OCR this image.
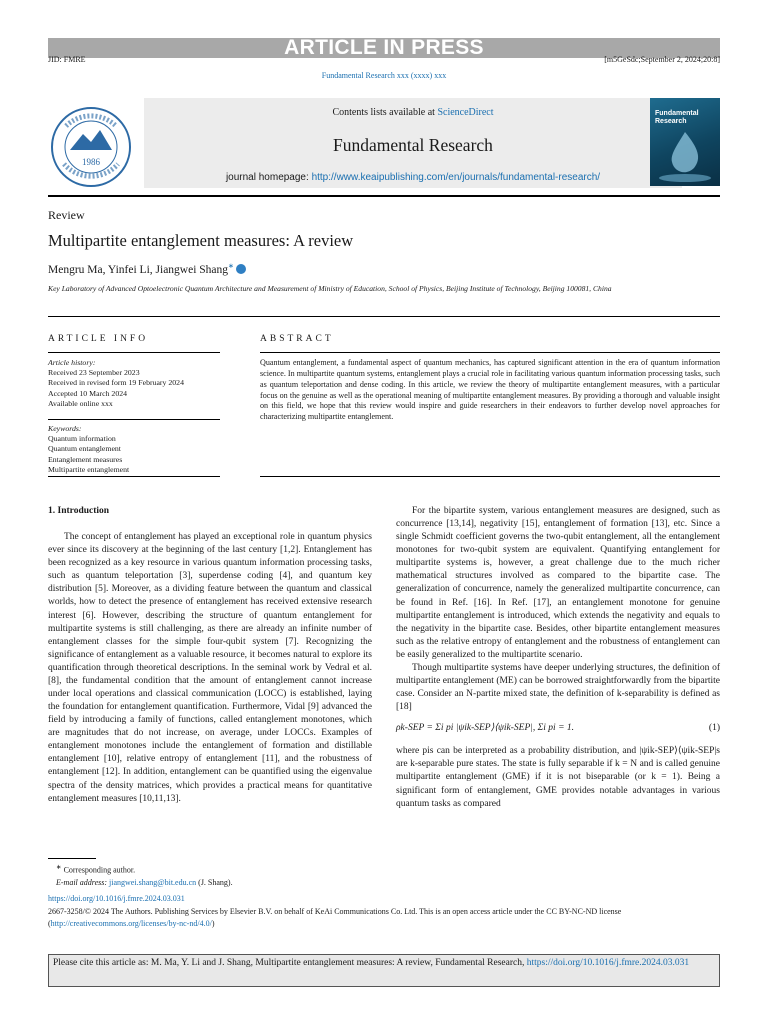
ARTICLE IN PRESS
JID: FMRE	[m5GeSdc;September 2, 2024;20:8]
Fundamental Research xxx (xxxx) xxx
1986
Contents lists available at ScienceDirect
Fundamental Research
journal homepage: http://www.keaipublishing.com/en/journals/fundamental-research/
Fundamental
Research
Review
Multipartite entanglement measures: A review
Mengru Ma, Yinfei Li, Jiangwei Shang∗
Key Laboratory of Advanced Optoelectronic Quantum Architecture and Measurement of Ministry of Education, School of Physics, Beijing Institute of Technology, Beijing 100081, China
ARTICLE INFO
Article history:
Received 23 September 2023
Received in revised form 19 February 2024
Accepted 10 March 2024
Available online xxx
Keywords:
Quantum information
Quantum entanglement
Entanglement measures
Multipartite entanglement
ABSTRACT
Quantum entanglement, a fundamental aspect of quantum mechanics, has captured significant attention in the era of quantum information science. In multipartite quantum systems, entanglement plays a crucial role in facilitating various quantum information processing tasks, such as quantum teleportation and dense coding. In this article, we review the theory of multipartite entanglement measures, with a particular focus on the genuine as well as the operational meaning of multipartite entanglement measures. By providing a thorough and valuable insight on this field, we hope that this review would inspire and guide researchers in their endeavors to further develop novel approaches for characterizing multipartite entanglement.
1. Introduction

The concept of entanglement has played an exceptional role in quantum physics ever since its discovery at the beginning of the last century [1,2]. Entanglement has been recognized as a key resource in various quantum information processing tasks, such as quantum teleportation [3], superdense coding [4], and quantum key distribution [5]. Moreover, as a dividing feature between the quantum and classical worlds, how to detect the presence of entanglement has received extensive research interest [6]. However, describing the structure of quantum entanglement for multipartite systems is still challenging, as there are already an infinite number of entanglement classes for the simple four-qubit system [7]. Recognizing the significance of entanglement as a valuable resource, it becomes natural to explore its quantification through theoretical descriptions. In the seminal work by Vedral et al. [8], the fundamental condition that the amount of entanglement cannot increase under local operations and classical communication (LOCC) is established, laying the foundation for entanglement quantification. Furthermore, Vidal [9] advanced the field by introducing a family of functions, called entanglement monotones, which are magnitudes that do not increase, on average, under LOCCs. Examples of entanglement monotones include the entanglement of formation and distillable entanglement [10], relative entropy of entanglement [11], and the robustness of entanglement [12]. In addition, entanglement can be quantified using the eigenvalue spectra of the density matrices, which provides a practical means for quantitative entanglement measures [10,11,13].

For the bipartite system, various entanglement measures are designed, such as concurrence [13,14], negativity [15], entanglement of formation [13], etc. Since a single Schmidt coefficient governs the two-qubit entanglement, all the entanglement monotones for two-qubit system are equivalent. Quantifying entanglement for multipartite systems is, however, a great challenge due to the much richer mathematical structures involved as compared to the bipartite case. The generalization of concurrence, namely the generalized multipartite concurrence, can be found in Ref. [16]. In Ref. [17], an entanglement monotone for genuine multipartite entanglement is introduced, which extends the negativity and equals to the negativity in the bipartite case. Besides, other bipartite entanglement measures such as the relative entropy of entanglement and the robustness of entanglement can be easily generalized to the multipartite scenario.

Though multipartite systems have deeper underlying structures, the definition of multipartite entanglement (ME) can be borrowed straightforwardly from the bipartite case. Consider an N-partite mixed state, the definition of k-separability is defined as [18]

ρk-SEP = Σi pi |ψik-SEP⟩⟨ψik-SEP|, Σi pi = 1.	(1)

where pis can be interpreted as a probability distribution, and |ψik-SEP⟩⟨ψik-SEP|s are k-separable pure states. The state is fully separable if k = N and is called genuine multipartite entanglement (GME) if it is not biseparable (or k = 1). Being a significant form of entanglement, GME provides notable advantages in various quantum tasks as compared

∗ Corresponding author.
E-mail address: jiangwei.shang@bit.edu.cn (J. Shang).
https://doi.org/10.1016/j.fmre.2024.03.031
2667-3258/© 2024 The Authors. Publishing Services by Elsevier B.V. on behalf of KeAi Communications Co. Ltd. This is an open access article under the CC BY-NC-ND license (http://creativecommons.org/licenses/by-nc-nd/4.0/)
Please cite this article as: M. Ma, Y. Li and J. Shang, Multipartite entanglement measures: A review, Fundamental Research, https://doi.org/10.1016/j.fmre.2024.03.031
